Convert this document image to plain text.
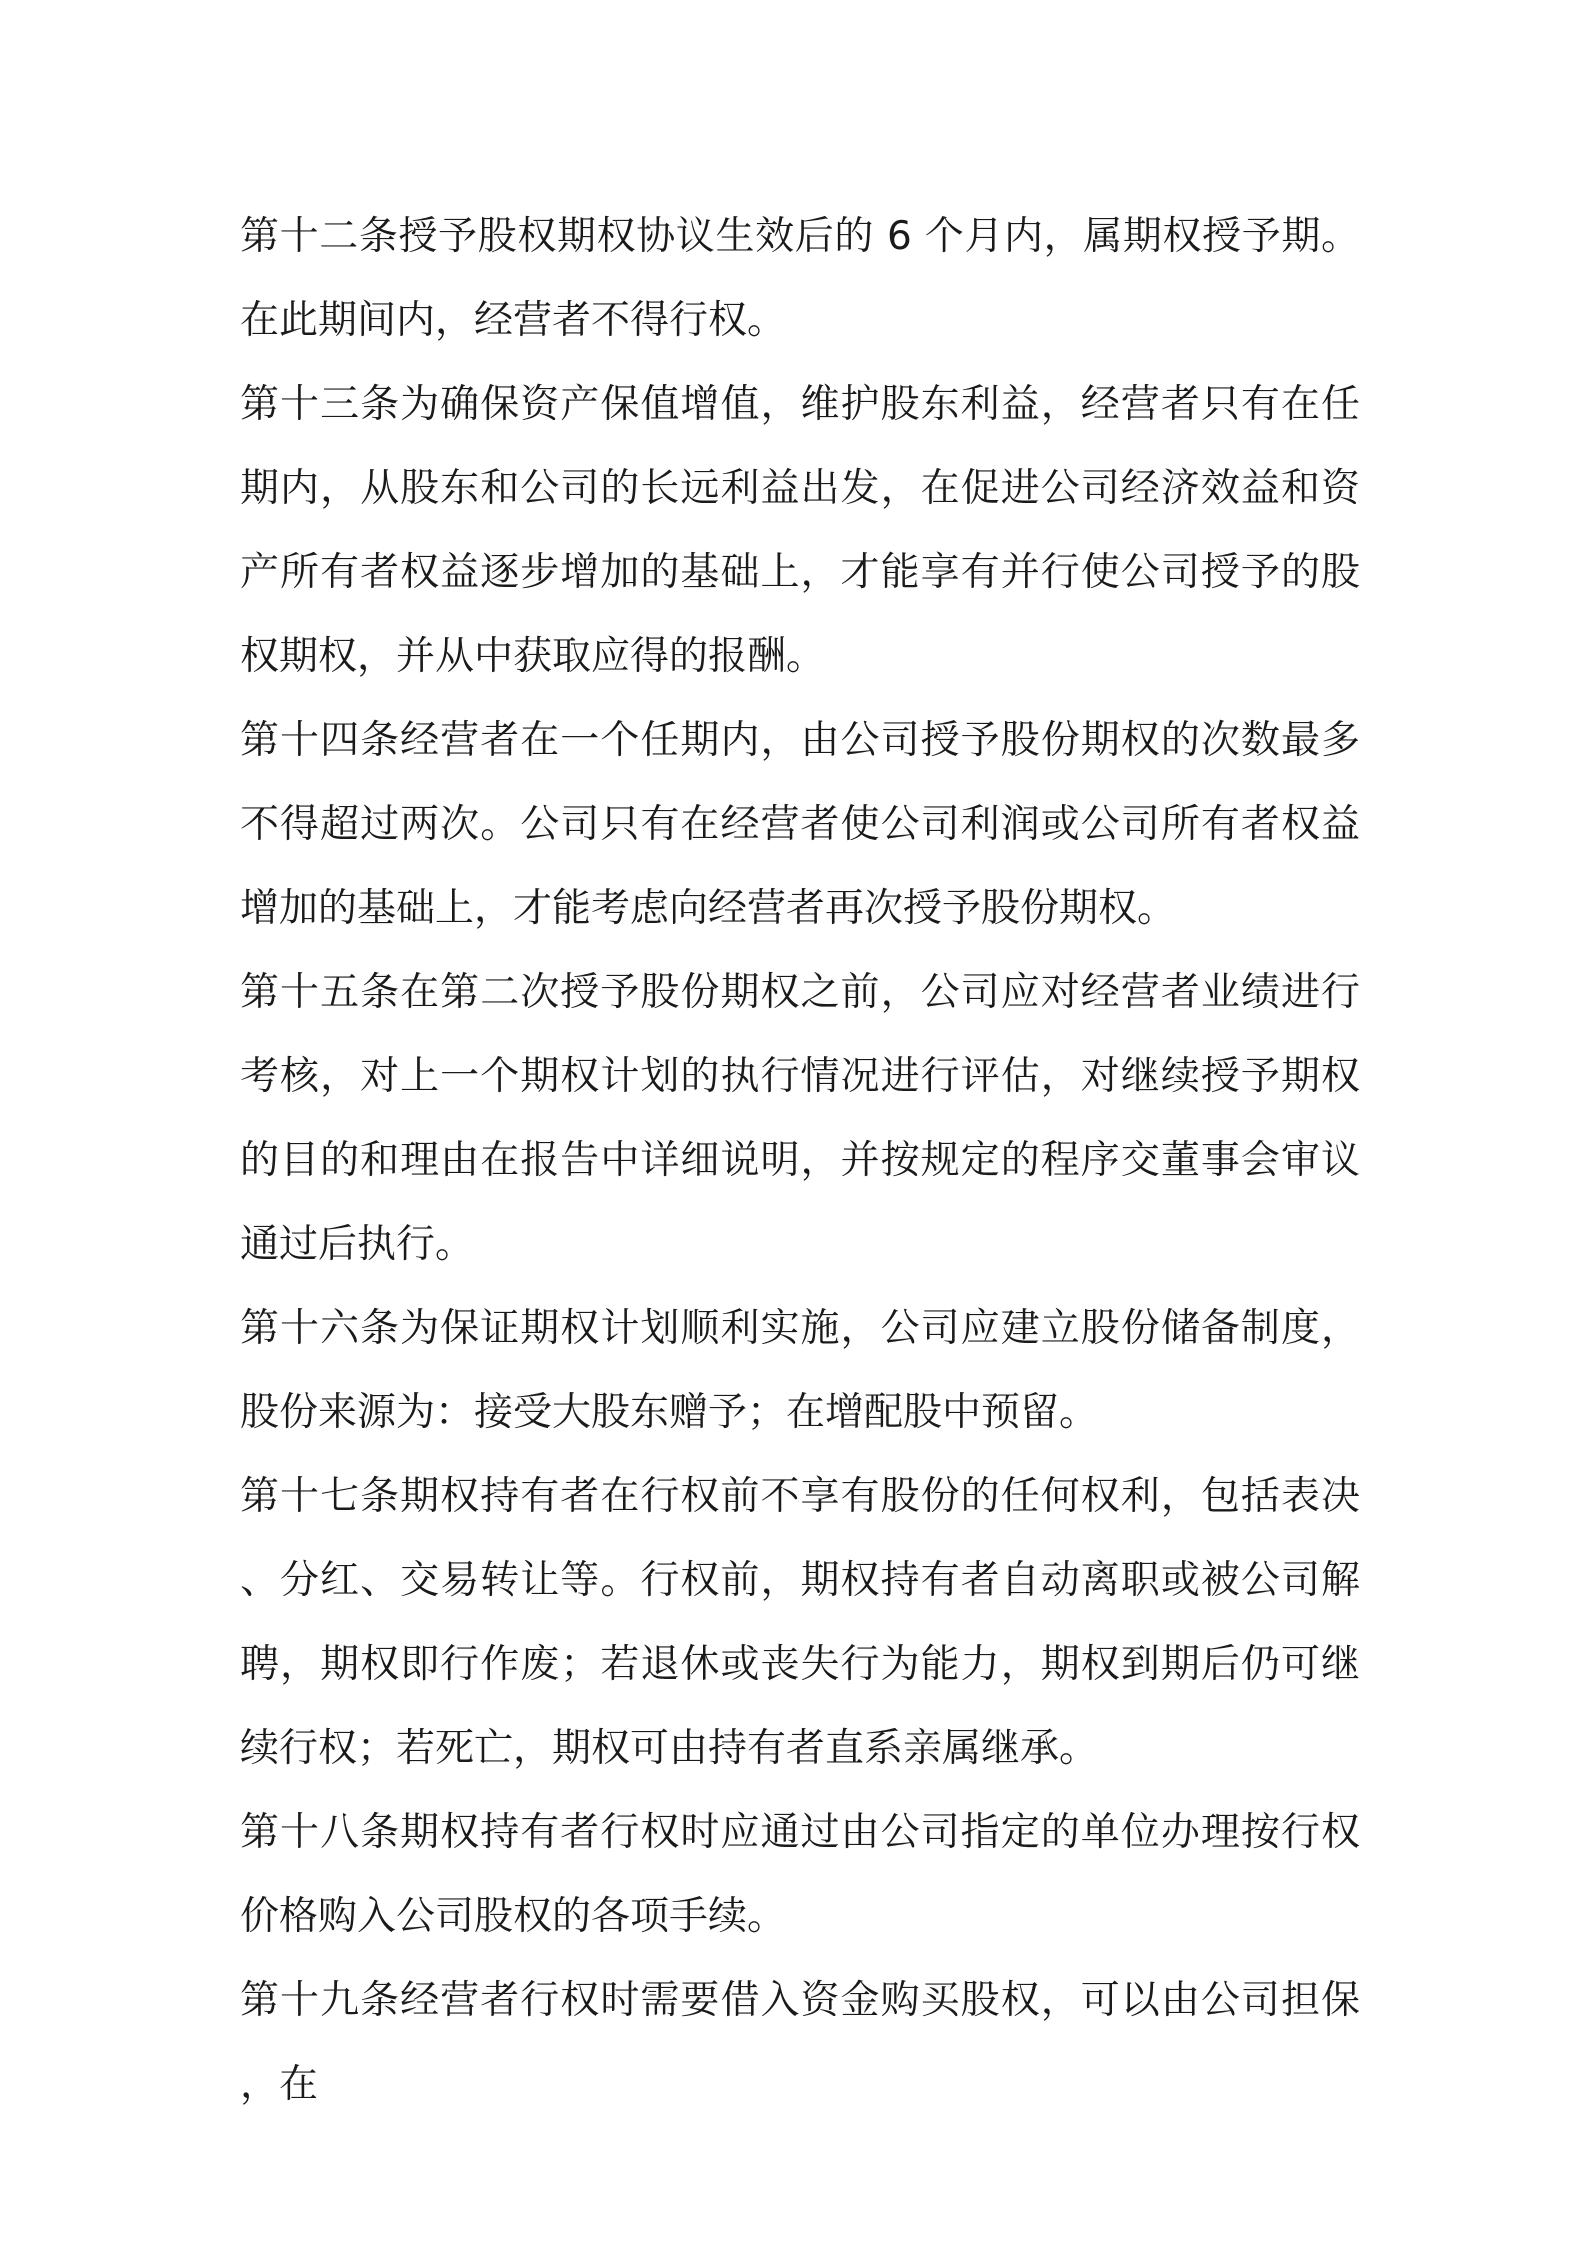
第十二条授予股权期权协议生效后的 6 个月内，属期权授予期。在此期间内，经营者不得行权。

第十三条为确保资产保值增值，维护股东利益，经营者只有在任期内，从股东和公司的长远利益出发，在促进公司经济效益和资产所有者权益逐步增加的基础上，才能享有并行使公司授予的股权期权，并从中获取应得的报酬。

第十四条经营者在一个任期内，由公司授予股份期权的次数最多不得超过两次。公司只有在经营者使公司利润或公司所有者权益增加的基础上，才能考虑向经营者再次授予股份期权。

第十五条在第二次授予股份期权之前，公司应对经营者业绩进行考核，对上一个期权计划的执行情况进行评估，对继续授予期权的目的和理由在报告中详细说明，并按规定的程序交董事会审议通过后执行。

第十六条为保证期权计划顺利实施，公司应建立股份储备制度，股份来源为：接受大股东赠予；在增配股中预留。

第十七条期权持有者在行权前不享有股份的任何权利，包括表决、分红、交易转让等。行权前，期权持有者自动离职或被公司解聘，期权即行作废；若退休或丧失行为能力，期权到期后仍可继续行权；若死亡，期权可由持有者直系亲属继承。

第十八条期权持有者行权时应通过由公司指定的单位办理按行权价格购入公司股权的各项手续。

第十九条经营者行权时需要借入资金购买股权，可以由公司担保，在
